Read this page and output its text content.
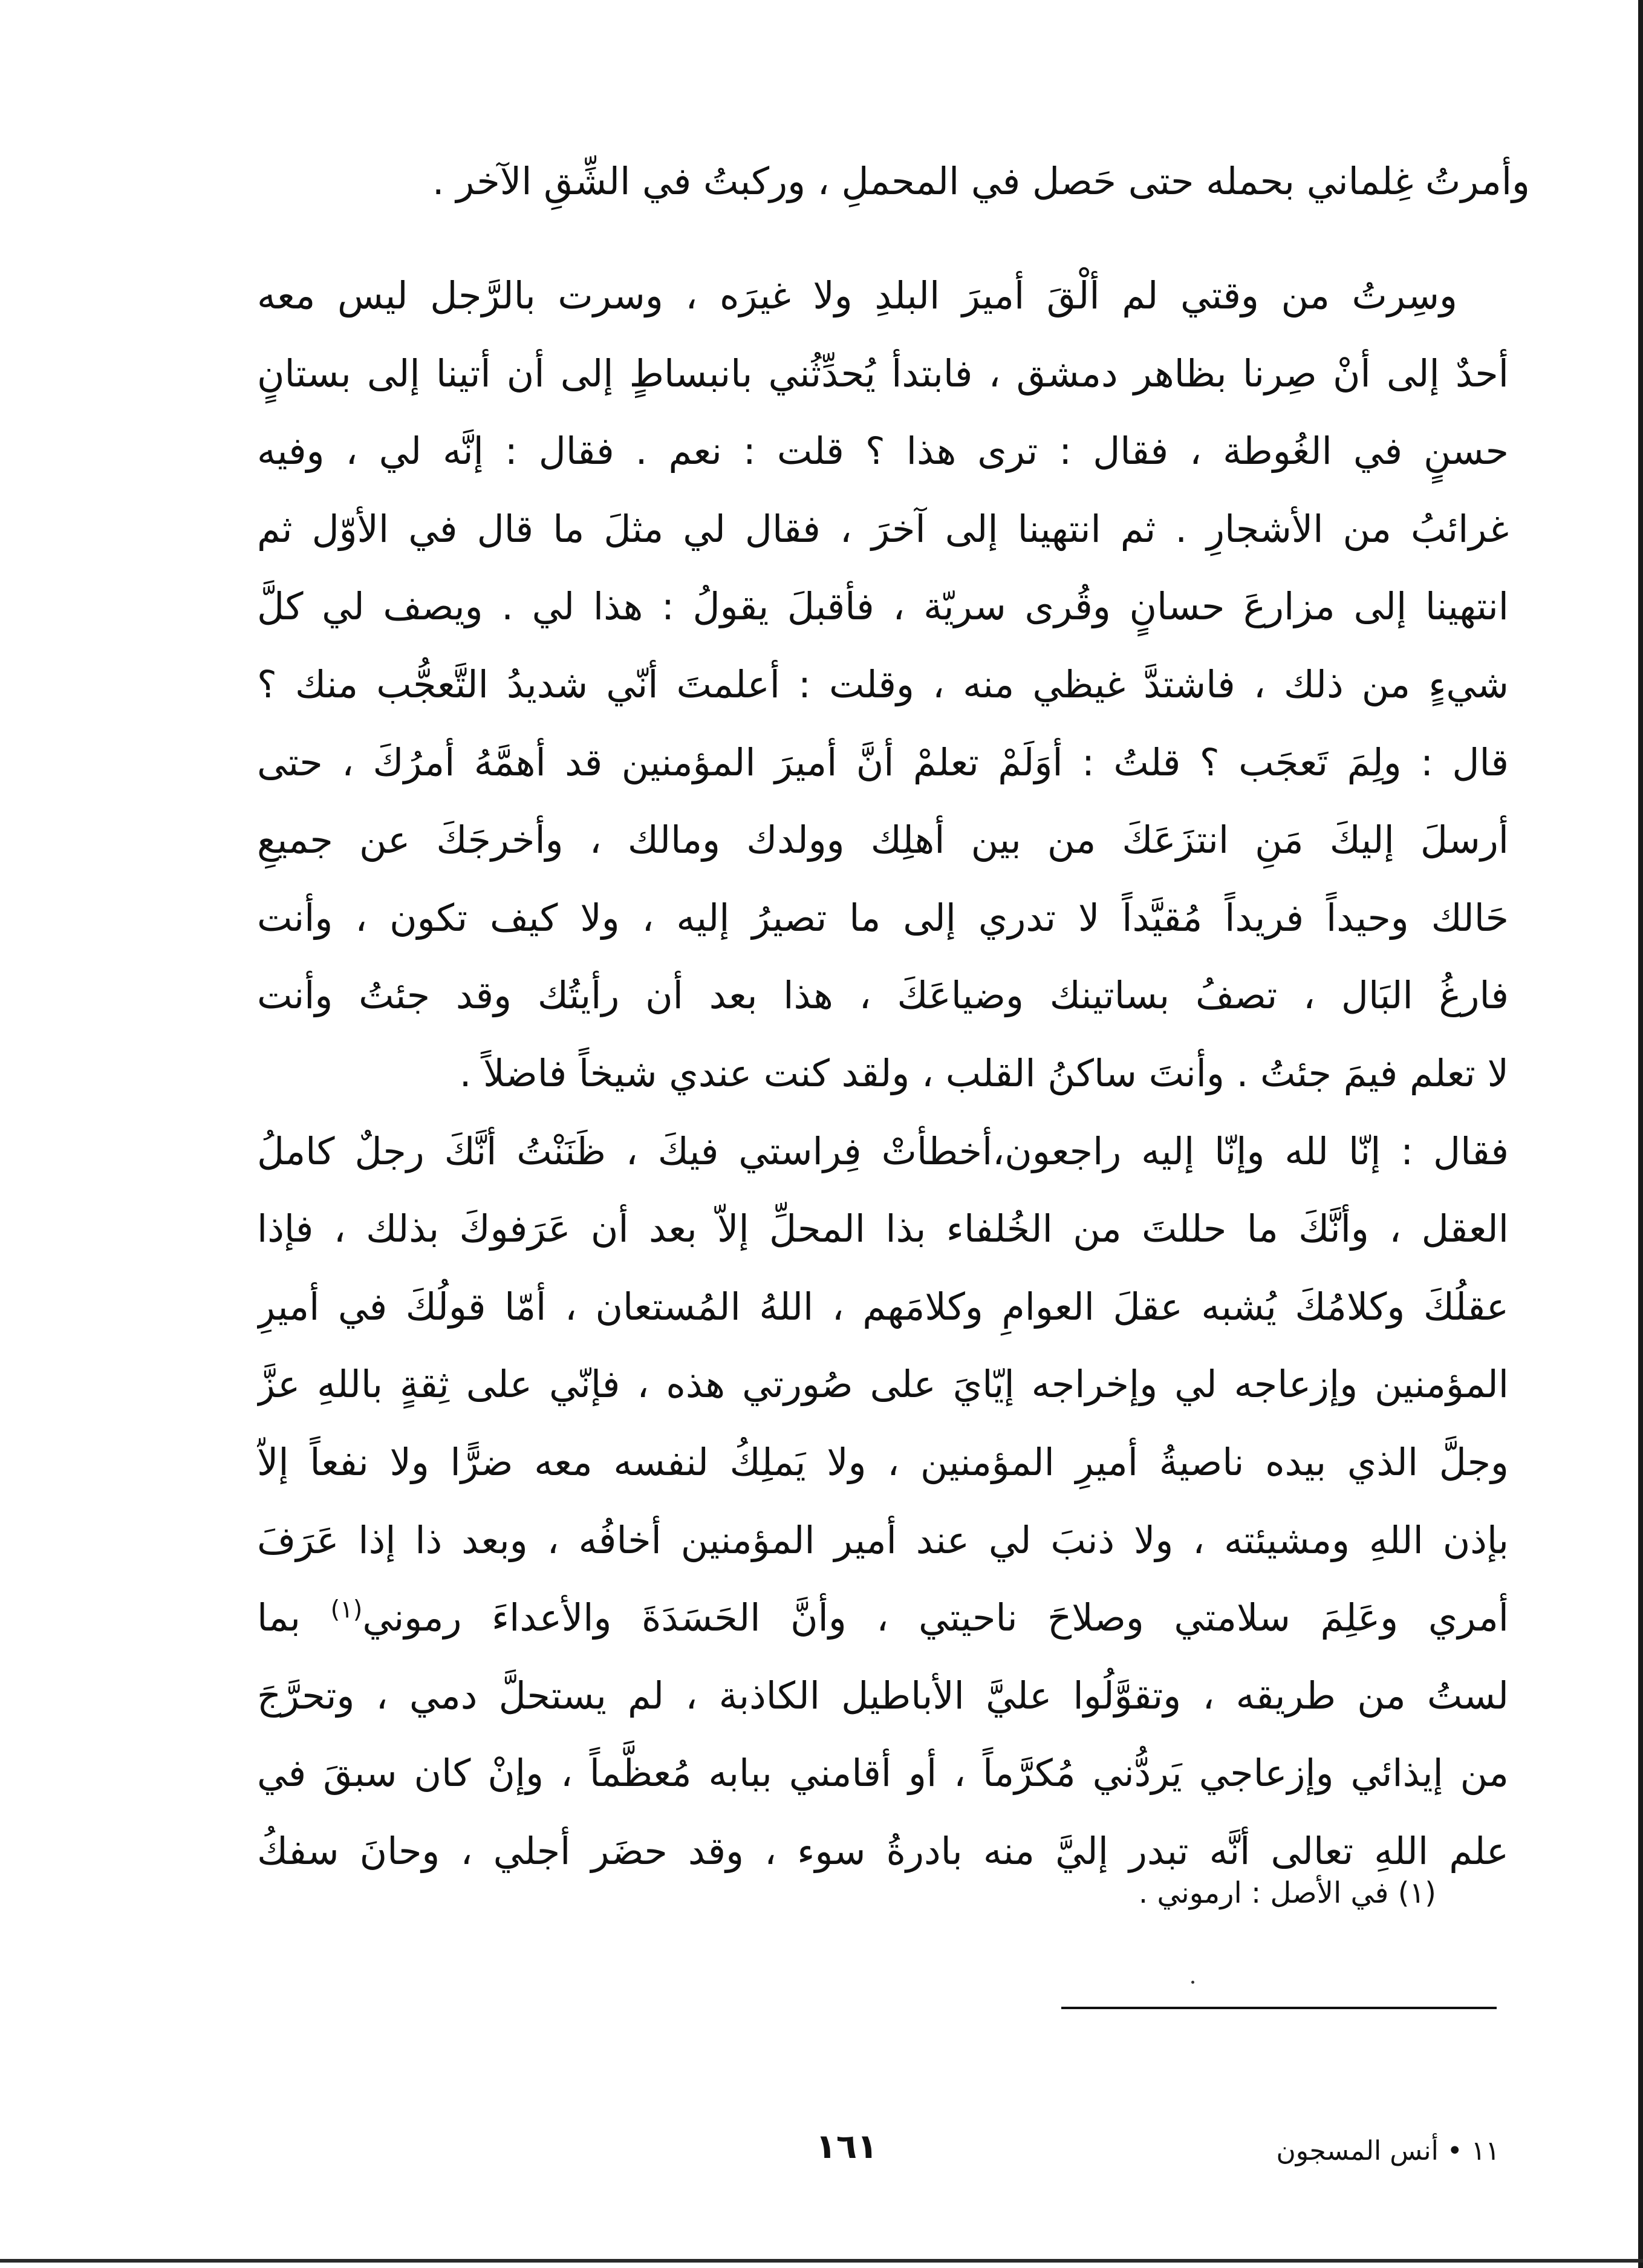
وأمرتُ غِلماني بحمله حتى حَصل في المحملِ ، وركبتُ في الشِّقِ الآخر .
وسِرتُ من وقتي لم ألْقَ أميرَ البلدِ ولا غيرَه ، وسرت بالرَّجل ليس معه
أحدٌ إلى أنْ صِرنا بظاهر دمشق ، فابتدأ يُحدِّثُني بانبساطٍ إلى أن أتينا إلى بستانٍ
حسنٍ في الغُوطة ، فقال : ترى هذا ؟ قلت : نعم . فقال : إنَّه لي ، وفيه
غرائبُ من الأشجارِ . ثم انتهينا إلى آخرَ ، فقال لي مثلَ ما قال في الأوّل ثم
انتهينا إلى مزارعَ حسانٍ وقُرى سريّة ، فأقبلَ يقولُ : هذا لي . ويصف لي كلَّ
شيءٍ من ذلك ، فاشتدَّ غيظي منه ، وقلت : أعلمتَ أنّي شديدُ التَّعجُّب منك ؟
قال : ولِمَ تَعجَب ؟ قلتُ : أوَلَمْ تعلمْ أنَّ أميرَ المؤمنين قد أهمَّهُ أمرُكَ ، حتى
أرسلَ إليكَ مَنِ انتزَعَكَ من بين أهلِك وولدك ومالك ، وأخرجَكَ عن جميعِ
حَالك وحيداً فريداً مُقيَّداً لا تدري إلى ما تصيرُ إليه ، ولا كيف تكون ، وأنت
فارغُ البَال ، تصفُ بساتينك وضياعَكَ ، هذا بعد أن رأيتُك وقد جئتُ وأنت
لا تعلم فيمَ جئتُ . وأنتَ ساكنُ القلب ، ولقد كنت عندي شيخاً فاضلاً .
فقال : إنّا لله وإنّا إليه راجعون،أخطأتْ فِراستي فيكَ ، ظَنَنْتُ أنَّكَ رجلٌ كاملُ
العقل ، وأنَّكَ ما حللتَ من الخُلفاء بذا المحلِّ إلاّ بعد أن عَرَفوكَ بذلك ، فإذا
عقلُكَ وكلامُكَ يُشبه عقلَ العوامِ وكلامَهم ، اللهُ المُستعان ، أمّا قولُكَ في أميرِ
المؤمنين وإزعاجه لي وإخراجه إيّايَ على صُورتي هذه ، فإنّي على ثِقةٍ باللهِ عزَّ
وجلَّ الذي بيده ناصيةُ أميرِ المؤمنين ، ولا يَملِكُ لنفسه معه ضرًّا ولا نفعاً إلاّ
بإذن اللهِ ومشيئته ، ولا ذنبَ لي عند أمير المؤمنين أخافُه ، وبعد ذا إذا عَرَفَ
أمري وعَلِمَ سلامتي وصلاحَ ناحيتي ، وأنَّ الحَسَدَةَ والأعداءَ رموني$^{(١)}$ بما
لستُ من طريقه ، وتقوَّلُوا عليَّ الأباطيل الكاذبة ، لم يستحلَّ دمي ، وتحرَّجَ
من إيذائي وإزعاجي يَردُّني مُكرَّماً ، أو أقامني ببابه مُعظَّماً ، وإنْ كان سبقَ في
علم اللهِ تعالى أنَّه تبدر إليَّ منه بادرةُ سوء ، وقد حضَر أجلي ، وحانَ سفكُ
(١) في الأصل : ارموني .
١٦١	١١ • أنس المسجون
